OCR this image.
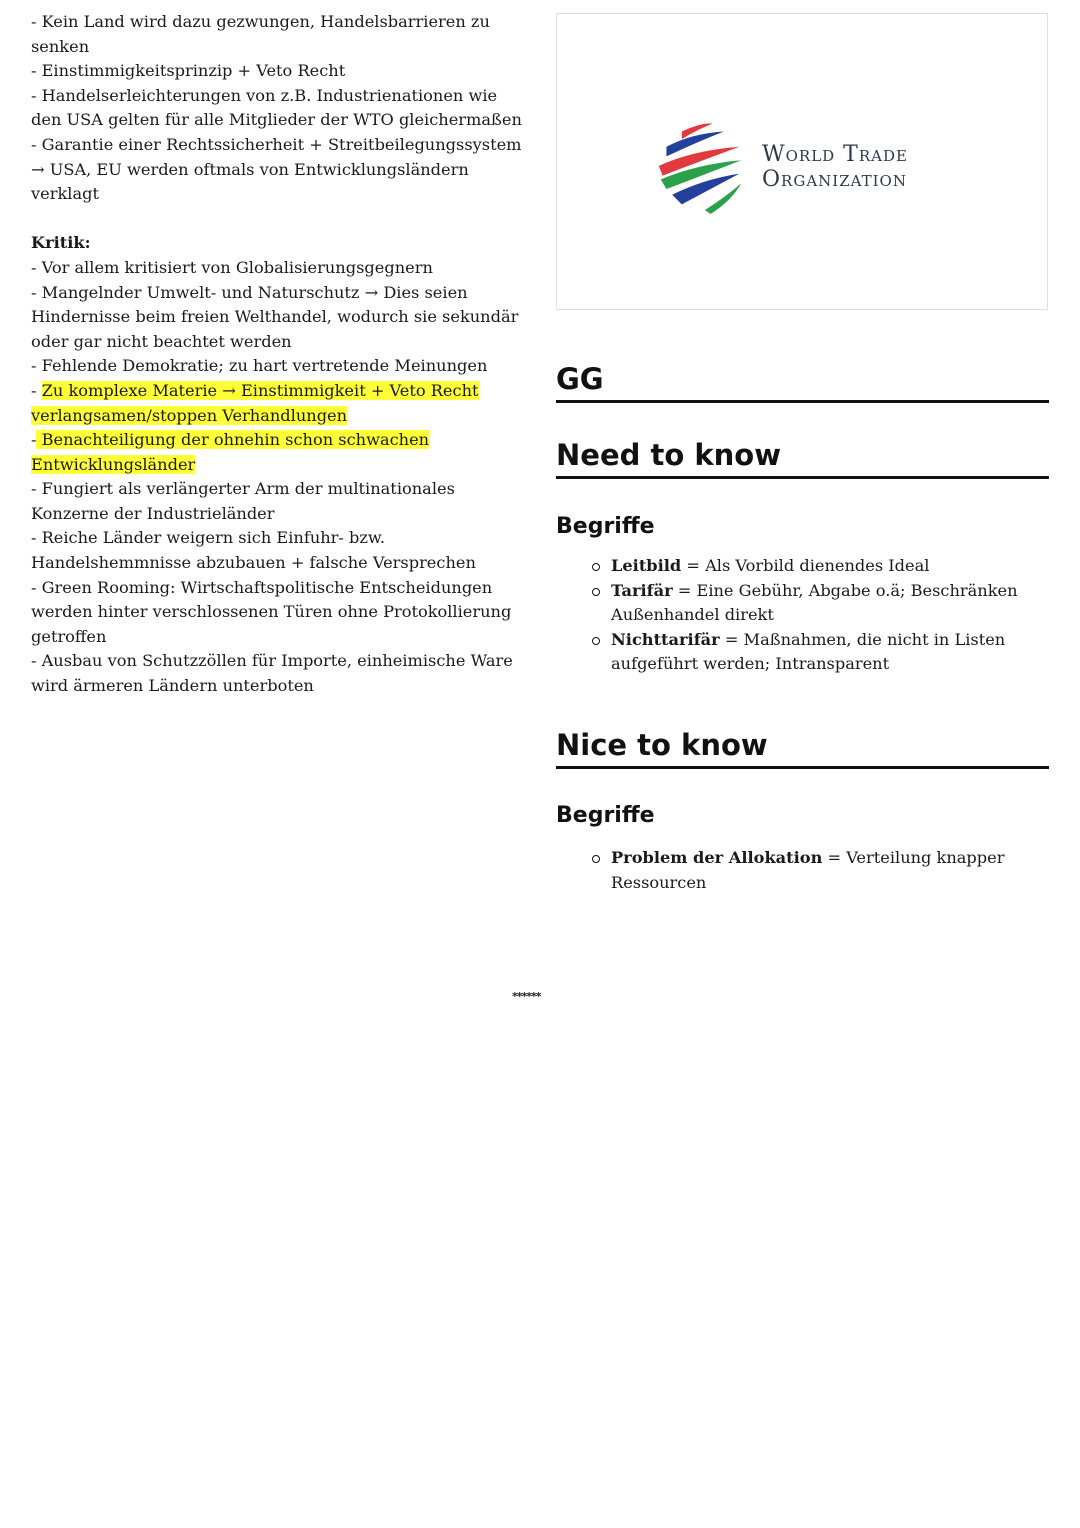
- Kein Land wird dazu gezwungen, Handelsbarrieren zu senken

- Einstimmigkeitsprinzip + Veto Recht

- Handelserleichterungen von z.B. Industrienationen wie den USA gelten für alle Mitglieder der WTO gleichermaßen

- Garantie einer Rechtssicherheit + Streitbeilegungssystem → USA, EU werden oftmals von Entwicklungsländern verklagt

Kritik:

- Vor allem kritisiert von Globalisierungsgegnern

- Mangelnder Umwelt- und Naturschutz → Dies seien Hindernisse beim freien Welthandel, wodurch sie sekundär oder gar nicht beachtet werden

- Fehlende Demokratie; zu hart vertretende Meinungen

- Zu komplexe Materie → Einstimmigkeit + Veto Recht verlangsamen/stoppen Verhandlungen

- Benachteiligung der ohnehin schon schwachen Entwicklungsländer

- Fungiert als verlängerter Arm der multinationales Konzerne der Industrieländer

- Reiche Länder weigern sich Einfuhr- bzw. Handelshemmnisse abzubauen + falsche Versprechen

- Green Rooming: Wirtschaftspolitische Entscheidungen werden hinter verschlossenen Türen ohne Protokollierung getroffen

- Ausbau von Schutzzöllen für Importe, einheimische Ware wird ärmeren Ländern unterboten

World Trade
Organization
GG
Need to know
Begriffe
Leitbild = Als Vorbild dienendes Ideal
Tarifär = Eine Gebühr, Abgabe o.ä; Beschränken Außenhandel direkt
Nichttarifär = Maßnahmen, die nicht in Listen aufgeführt werden; Intransparent
Nice to know
Begriffe
Problem der Allokation = Verteilung knapper Ressourcen
******
